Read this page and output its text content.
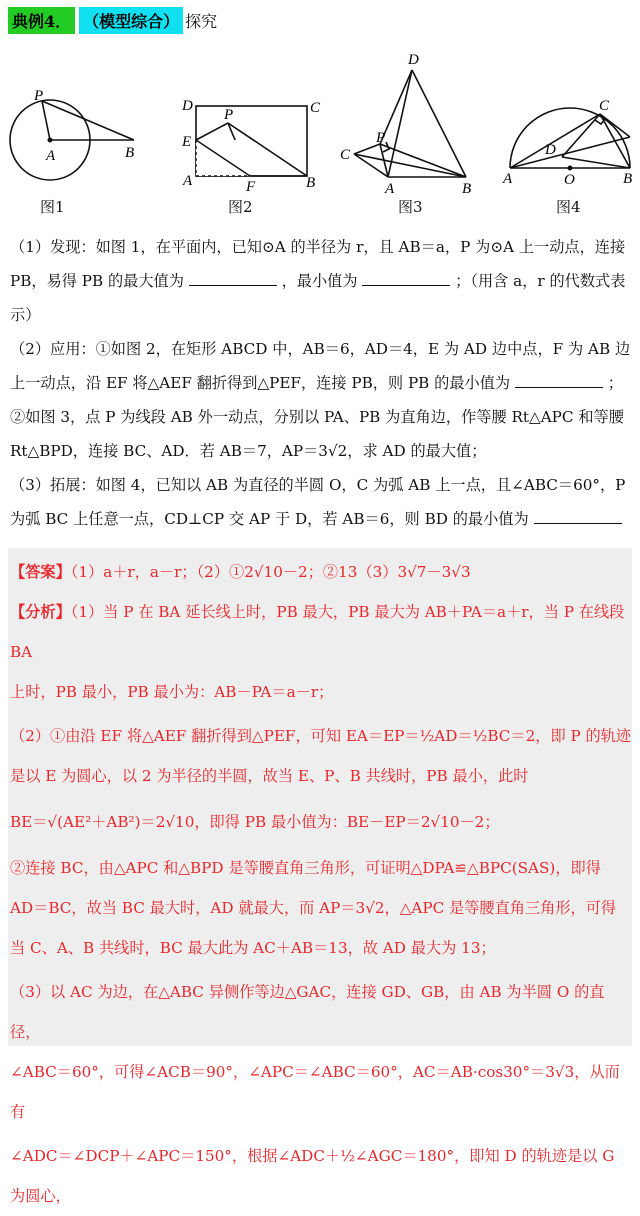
典例4． （模型综合） 探究
P
A	B
D	C
E
P
A	F	B
D
P
C
A	B
C
D
A	O	B
图1	图2	图3	图4
（1）发现：如图 1，在平面内，已知⊙A 的半径为 r，且 AB＝a，P 为⊙A 上一动点，连接
PB，易得 PB 的最大值为	，最小值为	；（用含 a，r 的代数式表
示）
（2）应用：①如图 2，在矩形 ABCD 中，AB＝6，AD＝4，E 为 AD 边中点，F 为 AB 边
上一动点，沿 EF 将△AEF 翻折得到△PEF，连接 PB，则 PB 的最小值为	；
②如图 3，点 P 为线段 AB 外一动点，分别以 PA、PB 为直角边，作等腰 Rt△APC 和等腰
Rt△BPD，连接 BC、AD．若 AB＝7，AP＝3√2，求 AD 的最大值；
（3）拓展：如图 4，已知以 AB 为直径的半圆 O，C 为弧 AB 上一点，且∠ABC＝60°，P
为弧 BC 上任意一点，CD⊥CP 交 AP 于 D，若 AB＝6，则 BD 的最小值为
【答案】（1）a＋r，a－r；（2）①2√10－2；②13（3）3√7－3√3
【分析】（1）当 P 在 BA 延长线上时，PB 最大，PB 最大为 AB＋PA＝a＋r，当 P 在线段 BA
上时，PB 最小，PB 最小为：AB－PA＝a－r；
（2）①由沿 EF 将△AEF 翻折得到△PEF，可知 EA＝EP＝½AD＝½BC＝2，即 P 的轨迹
是以 E 为圆心，以 2 为半径的半圆，故当 E、P、B 共线时，PB 最小，此时
BE＝√(AE²＋AB²)＝2√10，即得 PB 最小值为：BE－EP＝2√10－2；
②连接 BC，由△APC 和△BPD 是等腰直角三角形，可证明△DPA≌△BPC(SAS)，即得
AD＝BC，故当 BC 最大时，AD 就最大，而 AP＝3√2，△APC 是等腰直角三角形，可得
当 C、A、B 共线时，BC 最大此为 AC＋AB＝13，故 AD 最大为 13；
（3）以 AC 为边，在△ABC 异侧作等边△GAC，连接 GD、GB，由 AB 为半圆 O 的直径，
∠ABC＝60°，可得∠ACB＝90°，∠APC＝∠ABC＝60°，AC＝AB·cos30°＝3√3，从而有
∠ADC＝∠DCP＋∠APC＝150°，根据∠ADC＋½∠AGC＝180°，即知 D 的轨迹是以 G 为圆心，
